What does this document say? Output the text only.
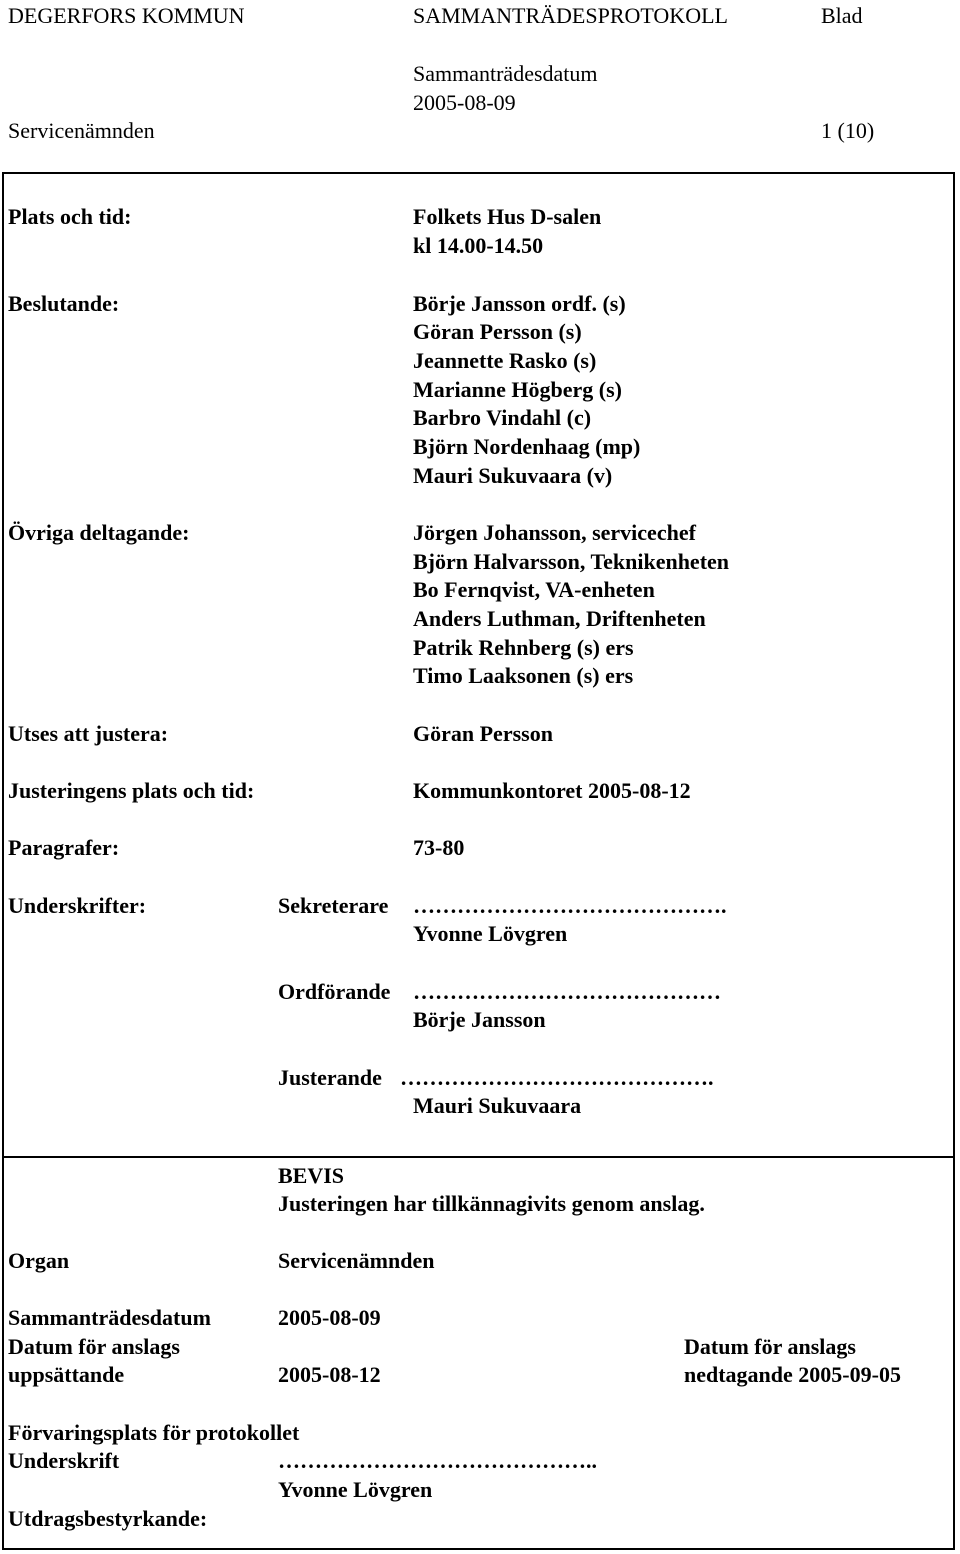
DEGERFORS KOMMUN	SAMMANTRÄDESPROTOKOLL	Blad
Sammanträdesdatum
2005-08-09
Servicenämnden	1 (10)
Plats och tid:	Folkets Hus D-salen
kl 14.00-14.50
Beslutande:	Börje Jansson ordf. (s)
Göran Persson (s)
Jeannette Rasko (s)
Marianne Högberg (s)
Barbro Vindahl (c)
Björn Nordenhaag (mp)
Mauri Sukuvaara (v)
Övriga deltagande:	Jörgen Johansson, servicechef
Björn Halvarsson, Teknikenheten
Bo Fernqvist, VA-enheten
Anders Luthman, Driftenheten
Patrik Rehnberg (s) ers
Timo Laaksonen (s) ers
Utses att justera:	Göran Persson
Justeringens plats och tid:	Kommunkontoret 2005-08-12
Paragrafer:	73-80
Underskrifter:	Sekreterare …………………………………….
Yvonne Lövgren
Ordförande ……………………………………
Börje Jansson
Justerande …………………………………….
Mauri Sukuvaara
BEVIS
Justeringen har tillkännagivits genom anslag.
Organ	Servicenämnden
Sammanträdesdatum	2005-08-09
Datum för anslags
uppsättande	2005-08-12
Datum för anslags
nedtagande 2005-09-05
Förvaringsplats för protokollet
Underskrift	……………………………………..
Yvonne Lövgren
Utdragsbestyrkande:
